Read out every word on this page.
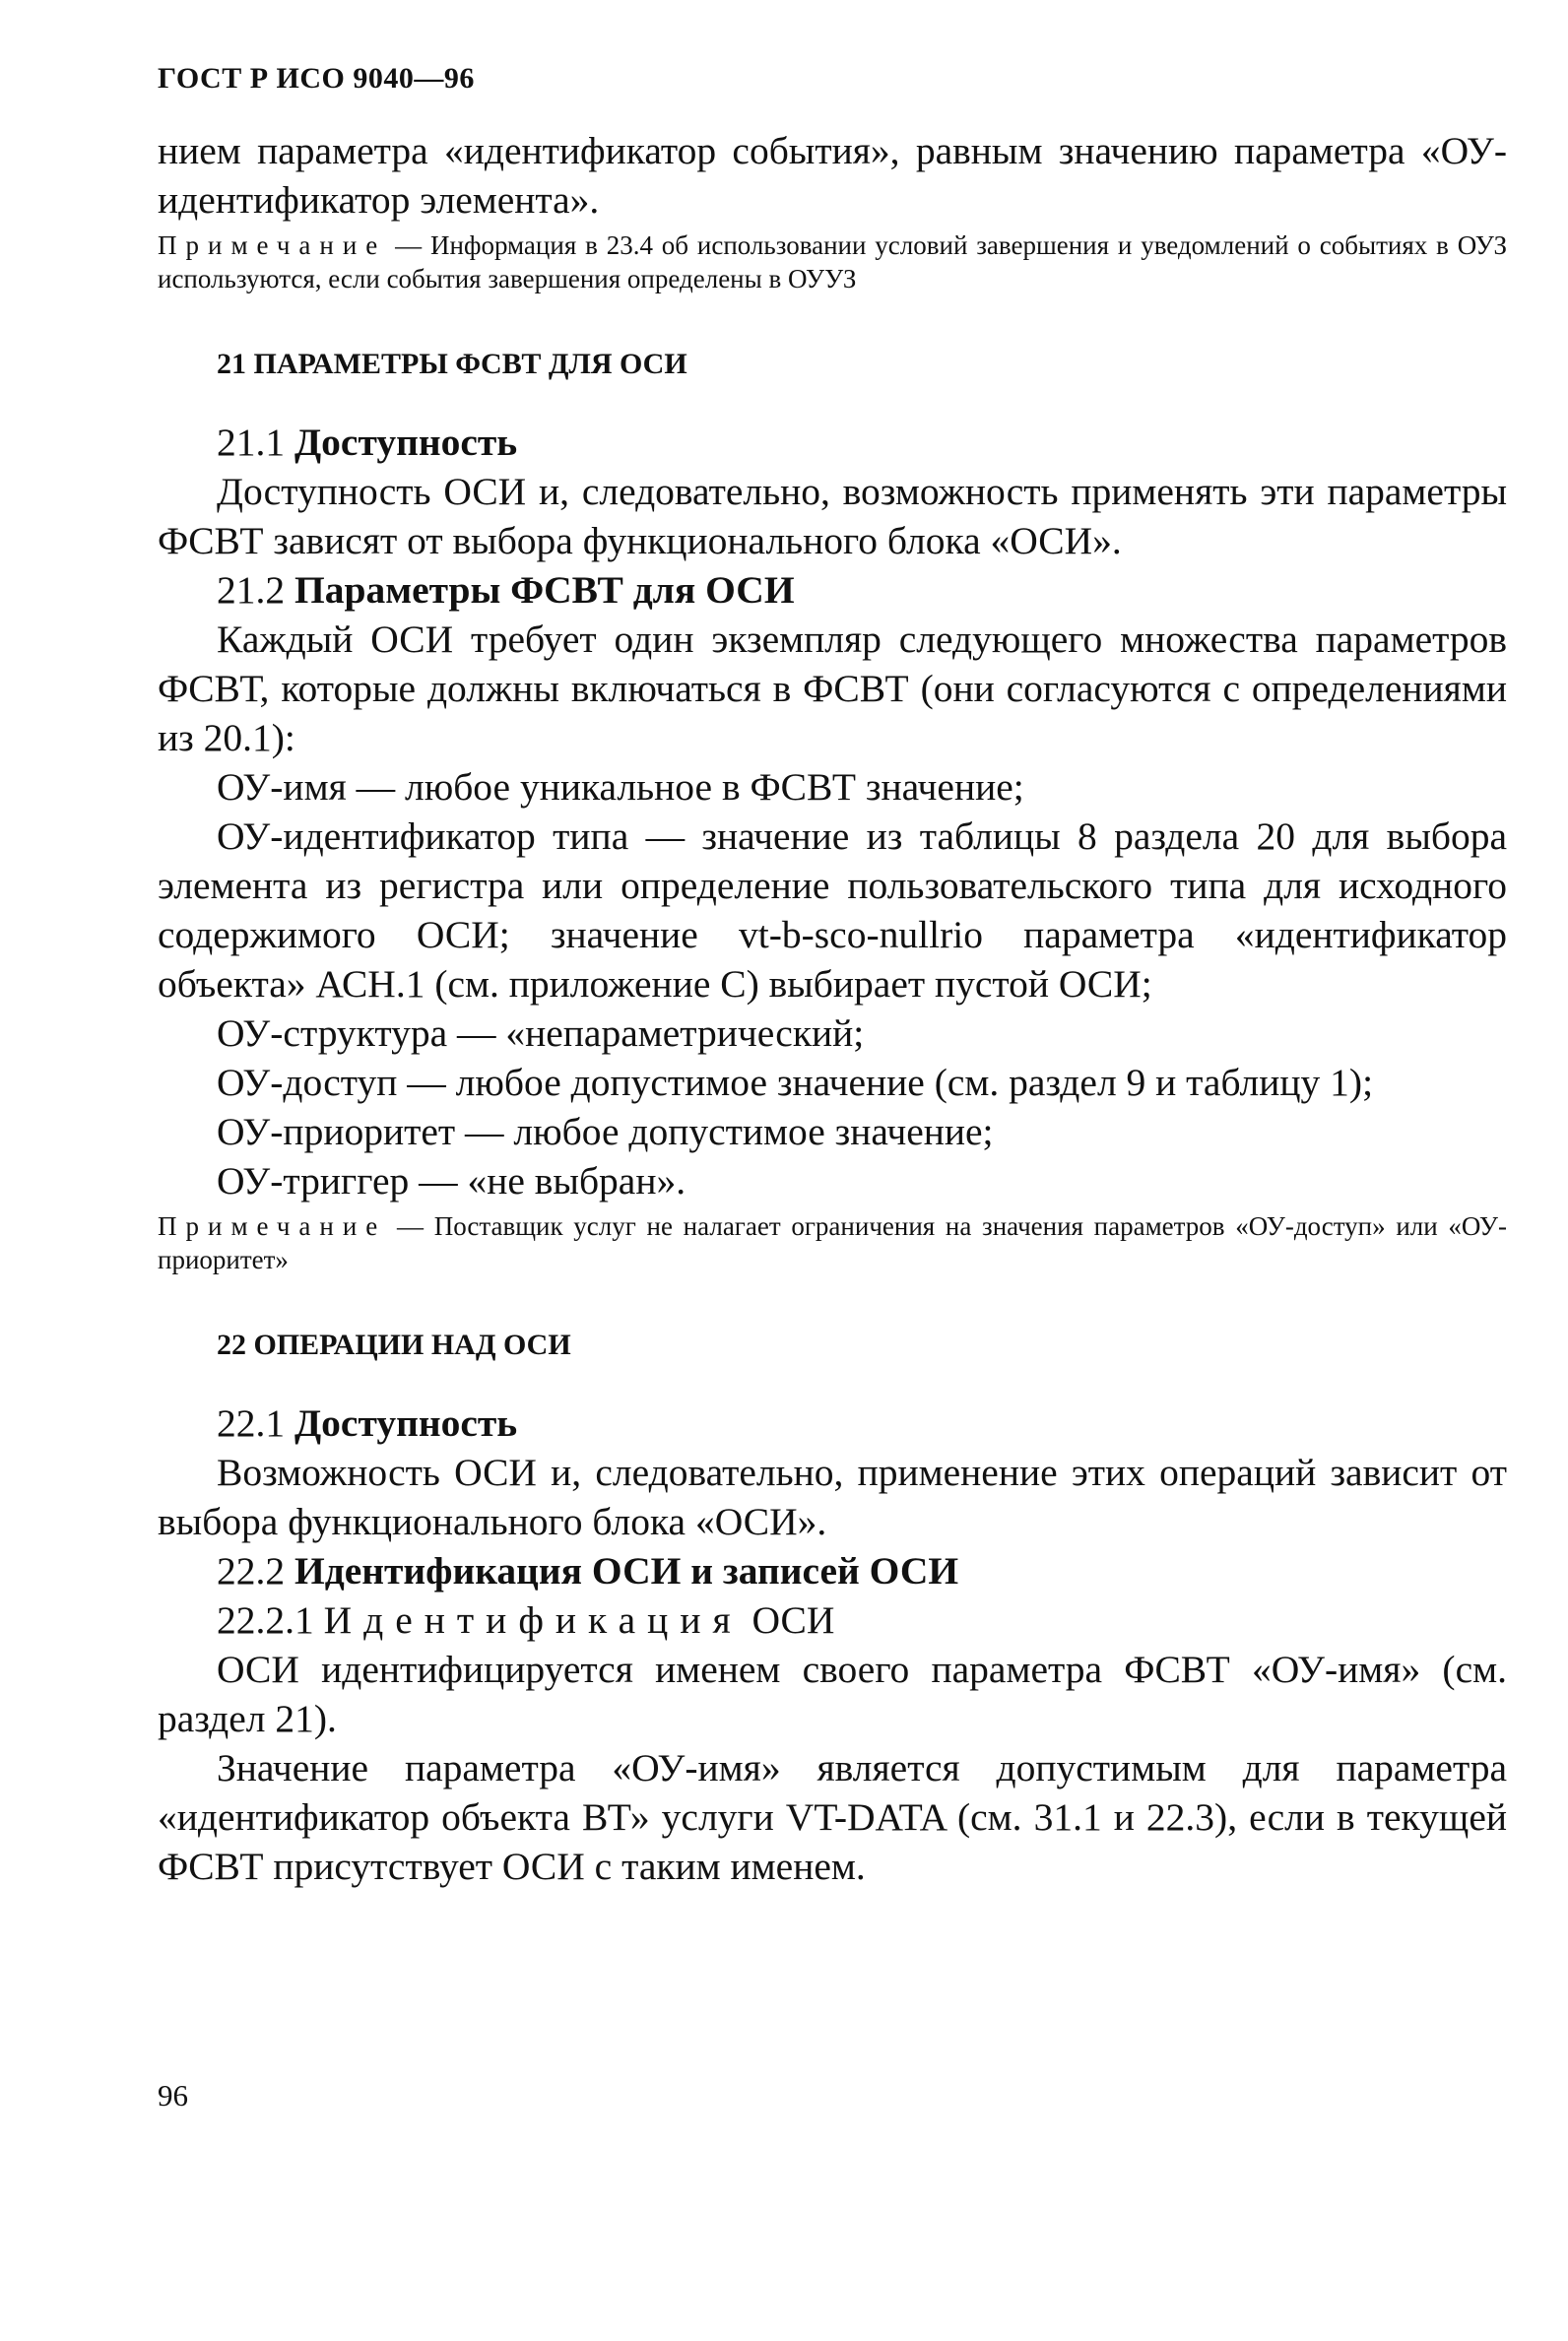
ГОСТ Р ИСО 9040—96

нием параметра «идентификатор события», равным значению параметра «ОУ-идентификатор элемента».

Примечание — Информация в 23.4 об использовании условий завершения и уведомлений о событиях в ОУЗ используются, если события завершения определены в ОУУЗ

21 ПАРАМЕТРЫ ФСВТ ДЛЯ ОСИ
21.1 Доступность

Доступность ОСИ и, следовательно, возможность применять эти параметры ФСВТ зависят от выбора функционального блока «ОСИ».

21.2 Параметры ФСВТ для ОСИ

Каждый ОСИ требует один экземпляр следующего множества параметров ФСВТ, которые должны включаться в ФСВТ (они согласуются с определениями из 20.1):

ОУ-имя — любое уникальное в ФСВТ значение;

ОУ-идентификатор типа — значение из таблицы 8 раздела 20 для выбора элемента из регистра или определение пользовательского типа для исходного содержимого ОСИ; значение vt-b-sco-nullrio параметра «идентификатор объекта» АСН.1 (см. приложение С) выбирает пустой ОСИ;

ОУ-структура — «непараметрический;

ОУ-доступ — любое допустимое значение (см. раздел 9 и таблицу 1);

ОУ-приоритет — любое допустимое значение;

ОУ-триггер — «не выбран».

Примечание — Поставщик услуг не налагает ограничения на значения параметров «ОУ-доступ» или «ОУ-приоритет»

22 ОПЕРАЦИИ НАД ОСИ
22.1 Доступность

Возможность ОСИ и, следовательно, применение этих операций зависит от выбора функционального блока «ОСИ».

22.2 Идентификация ОСИ и записей ОСИ
22.2.1 Идентификация ОСИ

ОСИ идентифицируется именем своего параметра ФСВТ «ОУ-имя» (см. раздел 21).

Значение параметра «ОУ-имя» является допустимым для параметра «идентификатор объекта ВТ» услуги VT-DATA (см. 31.1 и 22.3), если в текущей ФСВТ присутствует ОСИ с таким именем.

96
